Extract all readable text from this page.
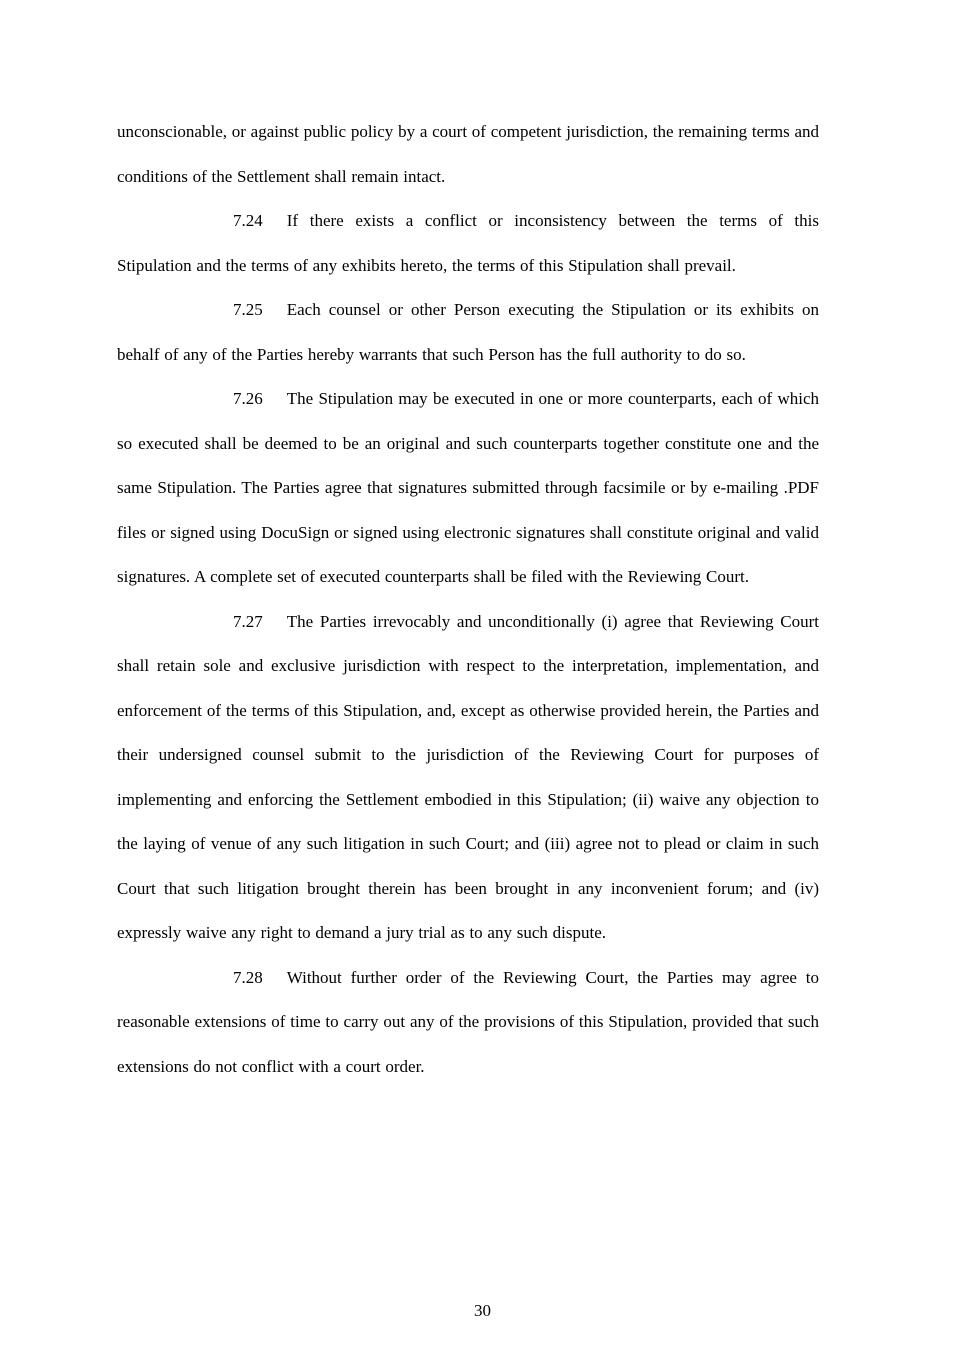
unconscionable, or against public policy by a court of competent jurisdiction, the remaining terms and conditions of the Settlement shall remain intact.

7.24 If there exists a conflict or inconsistency between the terms of this Stipulation and the terms of any exhibits hereto, the terms of this Stipulation shall prevail.

7.25 Each counsel or other Person executing the Stipulation or its exhibits on behalf of any of the Parties hereby warrants that such Person has the full authority to do so.

7.26 The Stipulation may be executed in one or more counterparts, each of which so executed shall be deemed to be an original and such counterparts together constitute one and the same Stipulation. The Parties agree that signatures submitted through facsimile or by e-mailing .PDF files or signed using DocuSign or signed using electronic signatures shall constitute original and valid signatures. A complete set of executed counterparts shall be filed with the Reviewing Court.

7.27 The Parties irrevocably and unconditionally (i) agree that Reviewing Court shall retain sole and exclusive jurisdiction with respect to the interpretation, implementation, and enforcement of the terms of this Stipulation, and, except as otherwise provided herein, the Parties and their undersigned counsel submit to the jurisdiction of the Reviewing Court for purposes of implementing and enforcing the Settlement embodied in this Stipulation; (ii) waive any objection to the laying of venue of any such litigation in such Court; and (iii) agree not to plead or claim in such Court that such litigation brought therein has been brought in any inconvenient forum; and (iv) expressly waive any right to demand a jury trial as to any such dispute.

7.28 Without further order of the Reviewing Court, the Parties may agree to reasonable extensions of time to carry out any of the provisions of this Stipulation, provided that such extensions do not conflict with a court order.

30
